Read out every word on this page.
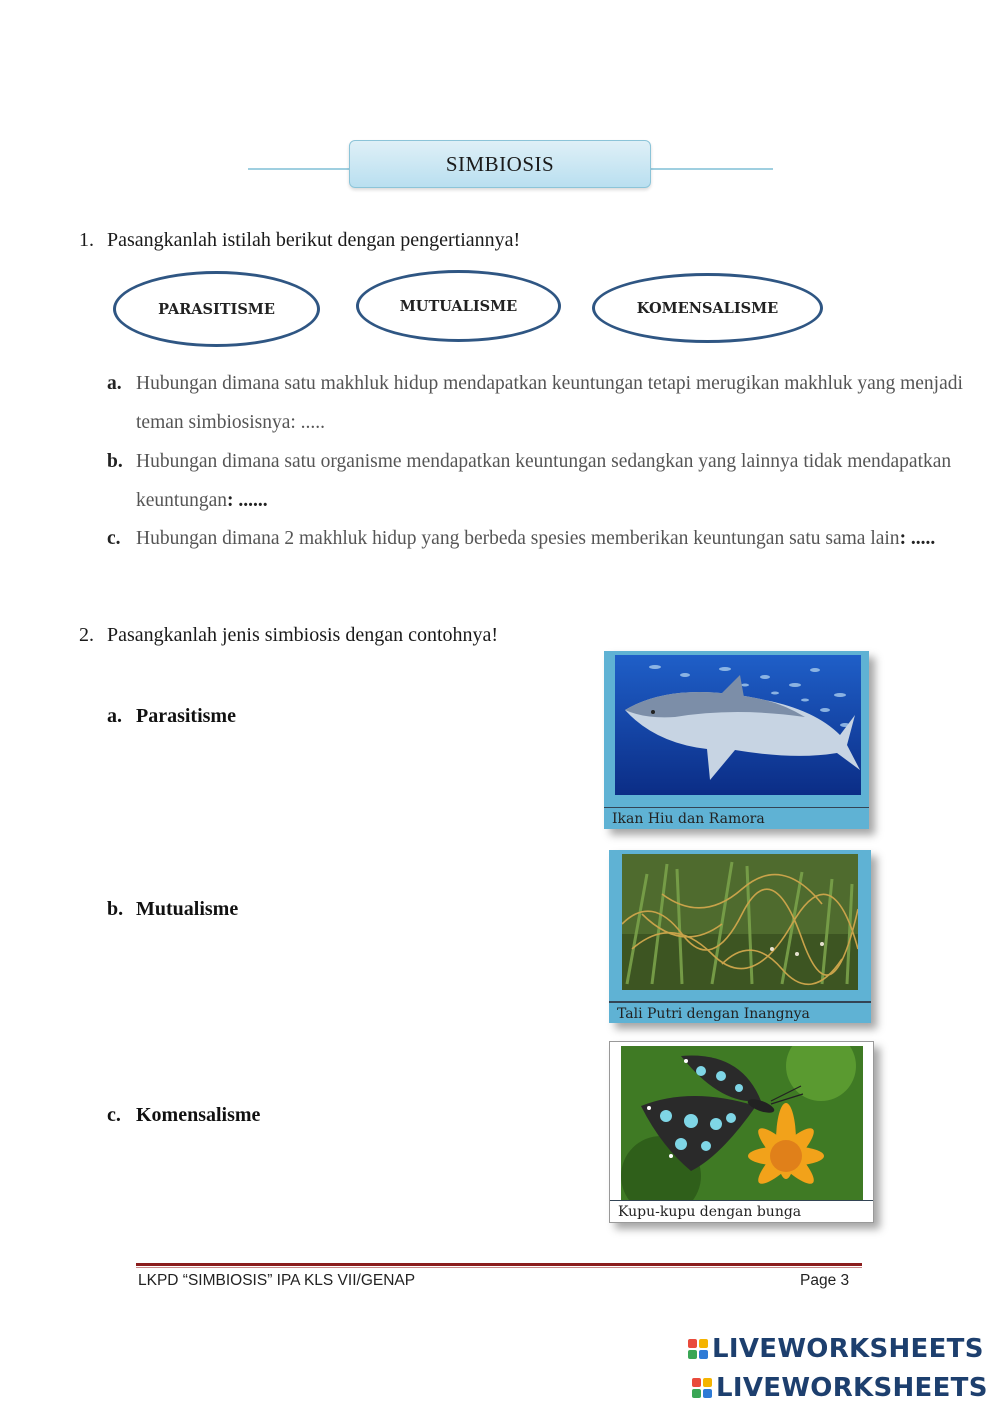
SIMBIOSIS
1. Pasangkanlah istilah berikut dengan pengertiannya!
PARASITISME	MUTUALISME	KOMENSALISME
a. Hubungan dimana satu makhluk hidup mendapatkan keuntungan tetapi merugikan makhluk yang menjadi teman simbiosisnya: .....
b. Hubungan dimana satu organisme mendapatkan keuntungan sedangkan yang lainnya tidak mendapatkan keuntungan: ......
c. Hubungan dimana 2 makhluk hidup yang berbeda spesies memberikan keuntungan satu sama lain: .....
2. Pasangkanlah jenis simbiosis dengan contohnya!
a. Parasitisme
b. Mutualisme
c. Komensalisme
Ikan Hiu dan Ramora
Tali Putri dengan Inangnya
Kupu-kupu dengan bunga
LKPD “SIMBIOSIS” IPA KLS VII/GENAP	Page 3
LIVEWORKSHEETS
LIVEWORKSHEETS
